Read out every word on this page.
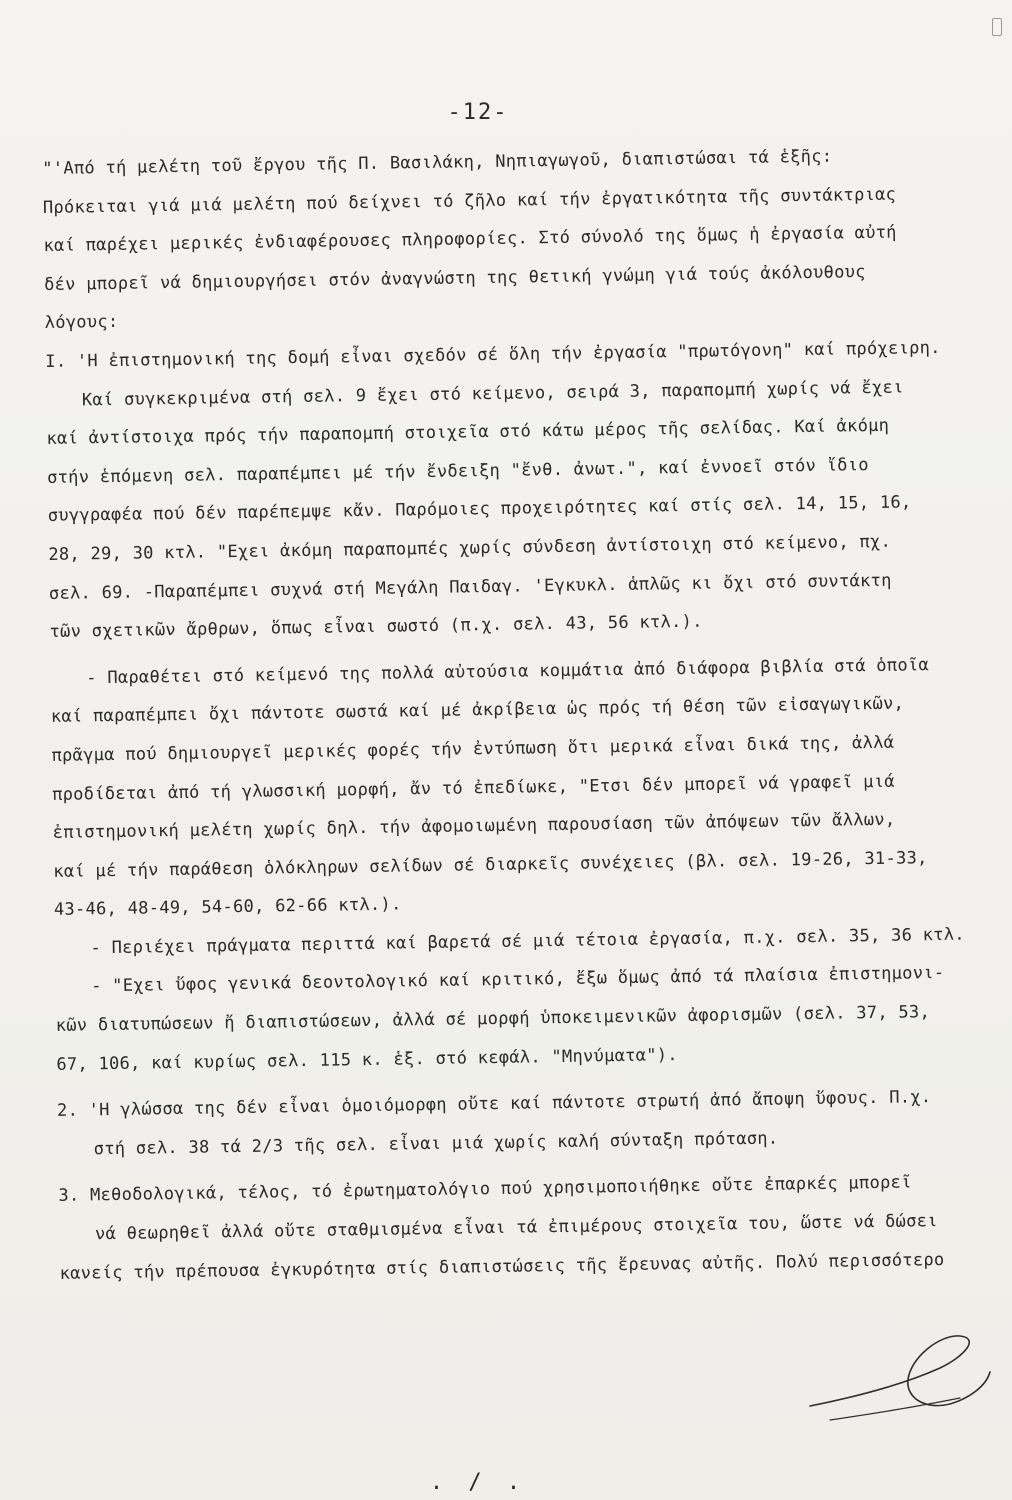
-12-
"'Από τή μελέτη τοῦ ἔργου τῆς Π. Βασιλάκη, Νηπιαγωγοῦ, διαπιστώσαι τά ἑξῆς:
Πρόκειται γιά μιά μελέτη πού δείχνει τό ζῆλο καί τήν ἐργατικότητα τῆς συντάκτριας
καί παρέχει μερικές ἐνδιαφέρουσες πληροφορίες. Στό σύνολό της ὅμως ἡ ἐργασία αὐτή
δέν μπορεῖ νά δημιουργήσει στόν ἀναγνώστη της θετική γνώμη γιά τούς ἀκόλουθους
λόγους:
I. 'Η ἐπιστημονική της δομή εἶναι σχεδόν σέ ὅλη τήν ἐργασία "πρωτόγονη" καί πρόχειρη.
Καί συγκεκριμένα στή σελ. 9 ἔχει στό κείμενο, σειρά 3, παραπομπή χωρίς νά ἔχει
καί ἀντίστοιχα πρός τήν παραπομπή στοιχεῖα στό κάτω μέρος τῆς σελίδας. Καί ἀκόμη
στήν ἑπόμενη σελ. παραπέμπει μέ τήν ἔνδειξη "ἔνθ. ἀνωτ.", καί ἐννοεῖ στόν ἴδιο
συγγραφέα πού δέν παρέπεμψε κἄν. Παρόμοιες προχειρότητες καί στίς σελ. 14, 15, 16,
28, 29, 30 κτλ. "Εχει ἀκόμη παραπομπές χωρίς σύνδεση ἀντίστοιχη στό κείμενο, πχ.
σελ. 69. -Παραπέμπει συχνά στή Μεγάλη Παιδαγ. 'Εγκυκλ. ἁπλῶς κι ὄχι στό συντάκτη
τῶν σχετικῶν ἄρθρων, ὅπως εἶναι σωστό (π.χ. σελ. 43, 56 κτλ.).
- Παραθέτει στό κείμενό της πολλά αὐτούσια κομμάτια ἀπό διάφορα βιβλία στά ὁποῖα
καί παραπέμπει ὄχι πάντοτε σωστά καί μέ ἀκρίβεια ὡς πρός τή θέση τῶν εἰσαγωγικῶν,
πρᾶγμα πού δημιουργεῖ μερικές φορές τήν ἐντύπωση ὅτι μερικά εἶναι δικά της, ἀλλά
προδίδεται ἀπό τή γλωσσική μορφή, ἄν τό ἐπεδίωκε, "Ετσι δέν μπορεῖ νά γραφεῖ μιά
ἐπιστημονική μελέτη χωρίς δηλ. τήν ἀφομοιωμένη παρουσίαση τῶν ἀπόψεων τῶν ἄλλων,
καί μέ τήν παράθεση ὁλόκληρων σελίδων σέ διαρκεῖς συνέχειες (βλ. σελ. 19-26, 31-33,
43-46, 48-49, 54-60, 62-66 κτλ.).
- Περιέχει πράγματα περιττά καί βαρετά σέ μιά τέτοια ἐργασία, π.χ. σελ. 35, 36 κτλ.
- "Εχει ὕφος γενικά δεοντολογικό καί κριτικό, ἔξω ὅμως ἀπό τά πλαίσια ἐπιστημονι-
κῶν διατυπώσεων ἤ διαπιστώσεων, ἀλλά σέ μορφή ὑποκειμενικῶν ἀφορισμῶν (σελ. 37, 53,
67, 106, καί κυρίως σελ. 115 κ. ἑξ. στό κεφάλ. "Μηνύματα").
2. 'Η γλώσσα της δέν εἶναι ὁμοιόμορφη οὔτε καί πάντοτε στρωτή ἀπό ἄποψη ὕφους. Π.χ.
στή σελ. 38 τά 2/3 τῆς σελ. εἶναι μιά χωρίς καλή σύνταξη πρόταση.
3. Μεθοδολογικά, τέλος, τό ἐρωτηματολόγιο πού χρησιμοποιήθηκε οὔτε ἐπαρκές μπορεῖ
νά θεωρηθεῖ ἀλλά οὔτε σταθμισμένα εἶναι τά ἐπιμέρους στοιχεῖα του, ὥστε νά δώσει
κανείς τήν πρέπουσα ἐγκυρότητα στίς διαπιστώσεις τῆς ἔρευνας αὐτῆς. Πολύ περισσότερο
. / .
